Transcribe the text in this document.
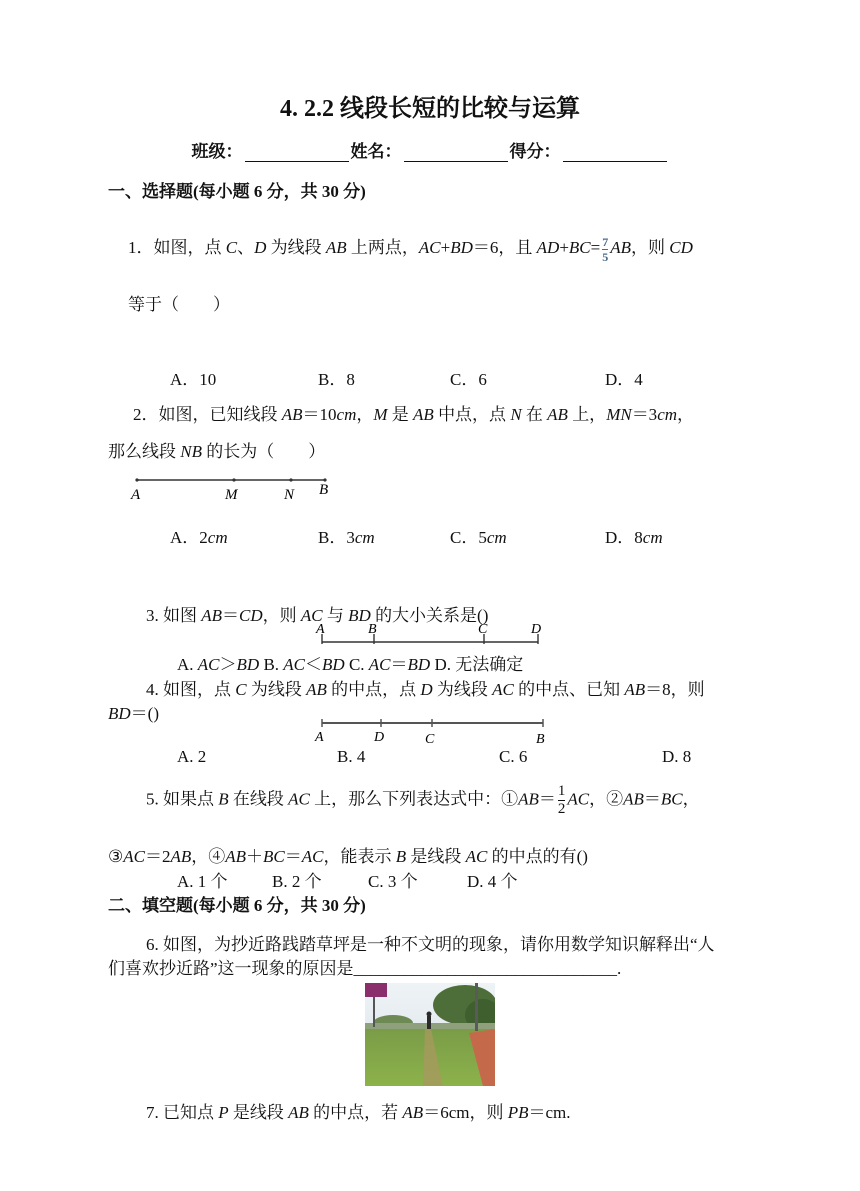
4. 2.2 线段长短的比较与运算
班级：	姓名：	得分：
一、选择题(每小题 6 分，共 30 分)
1．如图，点 C、D 为线段 AB 上两点，AC+BD＝6，且 $AD+BC= \frac{7}{5}$ AB，则 CD
等于（　　）
A．10	B．8	C．6	D．4
2．如图，已知线段 AB＝10cm，M 是 AB 中点，点 N 在 AB 上，MN＝3cm，
那么线段 NB 的长为（　　）
A	M	N B
A．2cm	B．3cm	C．5cm	D．8cm
3. 如图 AB＝CD，则 AC 与 BD 的大小关系是()
A	B	C	D
A. AC＞BD B. AC＜BD C. AC＝BD D. 无法确定
4. 如图，点 C 为线段 AB 的中点，点 D 为线段 AC 的中点、已知 AB＝8，则
BD＝()
A	D	C	B
A. 2	B. 4	C. 6	D. 8
5. 如果点 B 在线段 AC 上，那么下列表达式中：①AB＝ $\frac{1}{2}$ AC，②AB＝BC，
③AC＝2AB，④AB＋BC＝AC，能表示 B 是线段 AC 的中点的有()
A. 1 个	B. 2 个	C. 3 个	D. 4 个
二、填空题(每小题 6 分，共 30 分)
6. 如图，为抄近路践踏草坪是一种不文明的现象，请你用数学知识解释出“人
们喜欢抄近路”这一现象的原因是_______________________________.
7. 已知点 P 是线段 AB 的中点，若 AB＝6cm，则 PB＝cm.
